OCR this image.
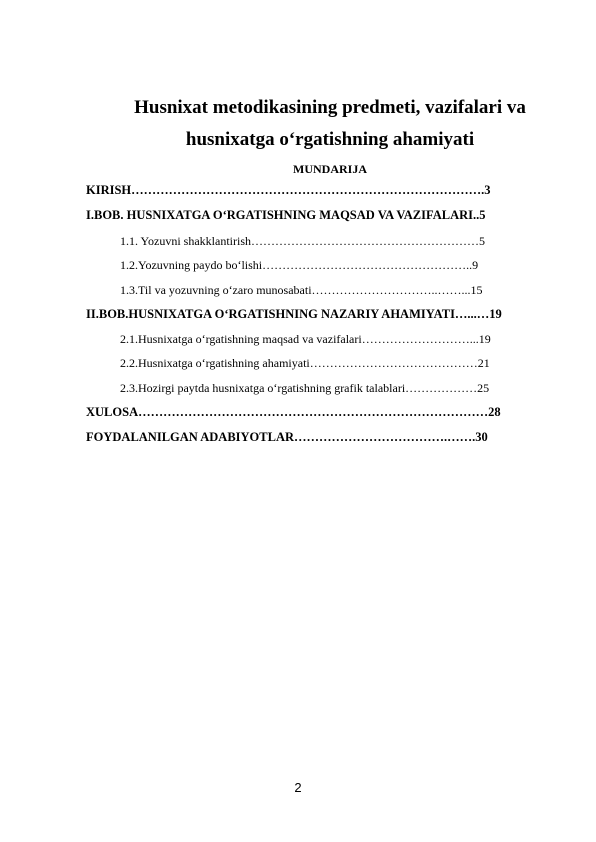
Husnixat metodikasining predmeti, vazifalari va
husnixatga o‘rgatishning ahamiyati
MUNDARIJA
KIRISH………………………………………………………………………….3
I.BOB. HUSNIXATGA O‘RGATISHNING MAQSAD VA VAZIFALARI..5
1.1. Yozuvni shakklantirish…………………………………………………5
1.2.Yozuvning paydo bo‘lishi……………………………………………..9
1.3.Til va yozuvning o‘zaro munosabati…………………………..……...15
II.BOB.HUSNIXATGA O‘RGATISHNING NAZARIY AHAMIYATI…...…19
2.1.Husnixatga o‘rgatishning maqsad va vazifalari………………………...19
2.2.Husnixatga o‘rgatishning ahamiyati……………………………………21
2.3.Hozirgi paytda husnixatga o‘rgatishning grafik talablari………………25
XULOSA…………………………………………………………………………28
FOYDALANILGAN ADABIYOTLAR……………………………….…….30
2
